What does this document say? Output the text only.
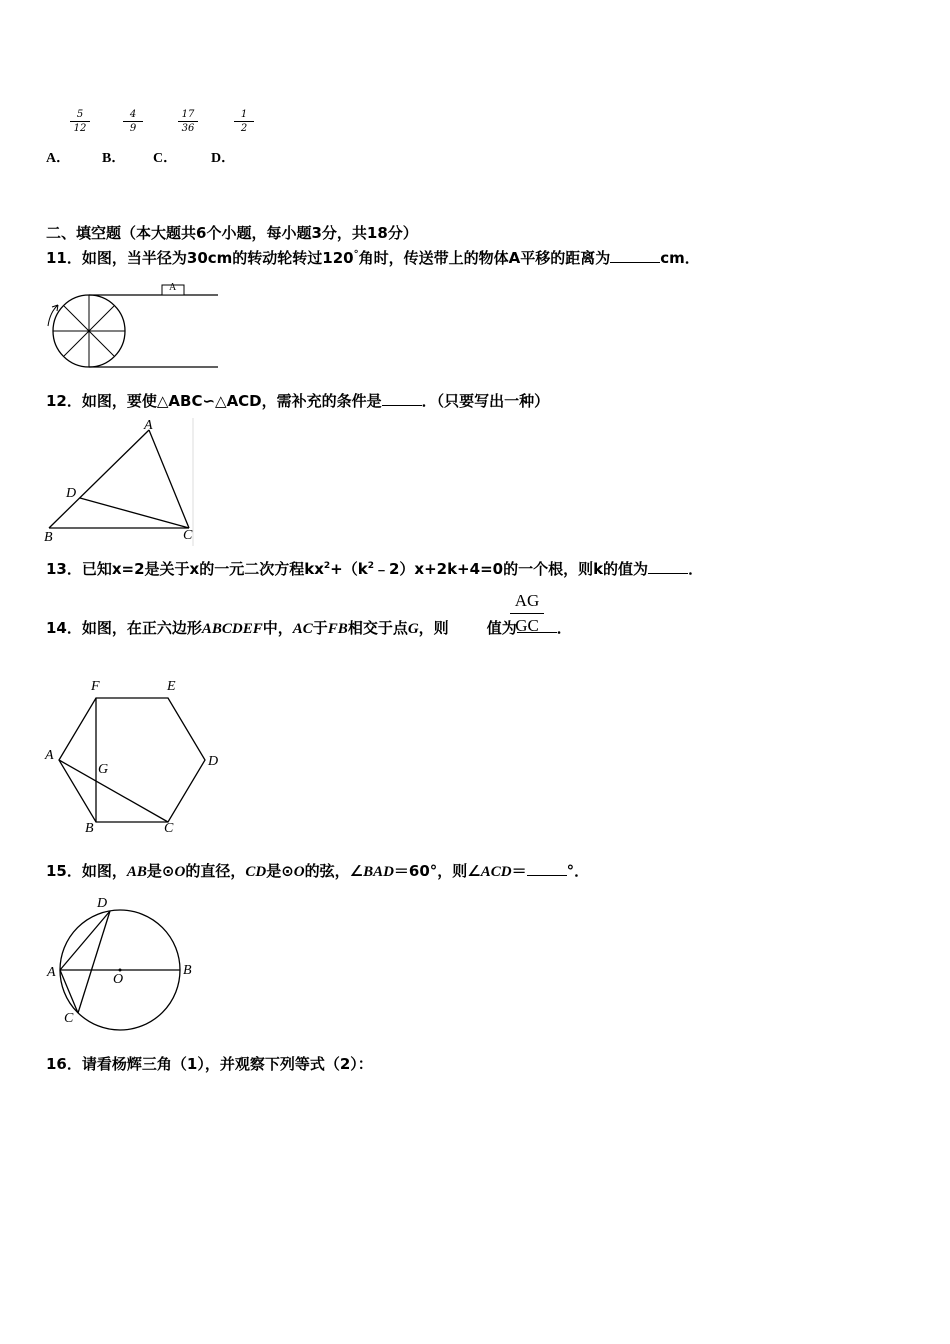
$\frac{5}{12}$	$\frac{4}{9}$	$\frac{17}{36}$	$\frac{1}{2}$
A． B． C． D．
二、填空题（本大题共6个小题，每小题3分，共18分）
11．如图，当半径为30cm的转动轮转过120°角时，传送带上的物体A平移的距离为	cm．
A
12．如图，要使△ABC∽△ACD，需补充的条件是	．（只要写出一种）
A
D
B	C
13．已知x=2是关于x的一元二次方程$kx^2+(k^2﹣2)x+2k+4=0$的一个根，则k的值为	．
14．如图，在正六边形ABCDEF中，AC于FB相交于点G，则	值为	．
$\frac{AG}{GC}$
F	E
A
G
D
B	C
15．如图，AB是⊙O的直径，CD是⊙O的弦，∠BAD＝60°，则∠ACD＝	°．
D
A	O
B
C
16．请看杨辉三角（1），并观察下列等式（2）：
